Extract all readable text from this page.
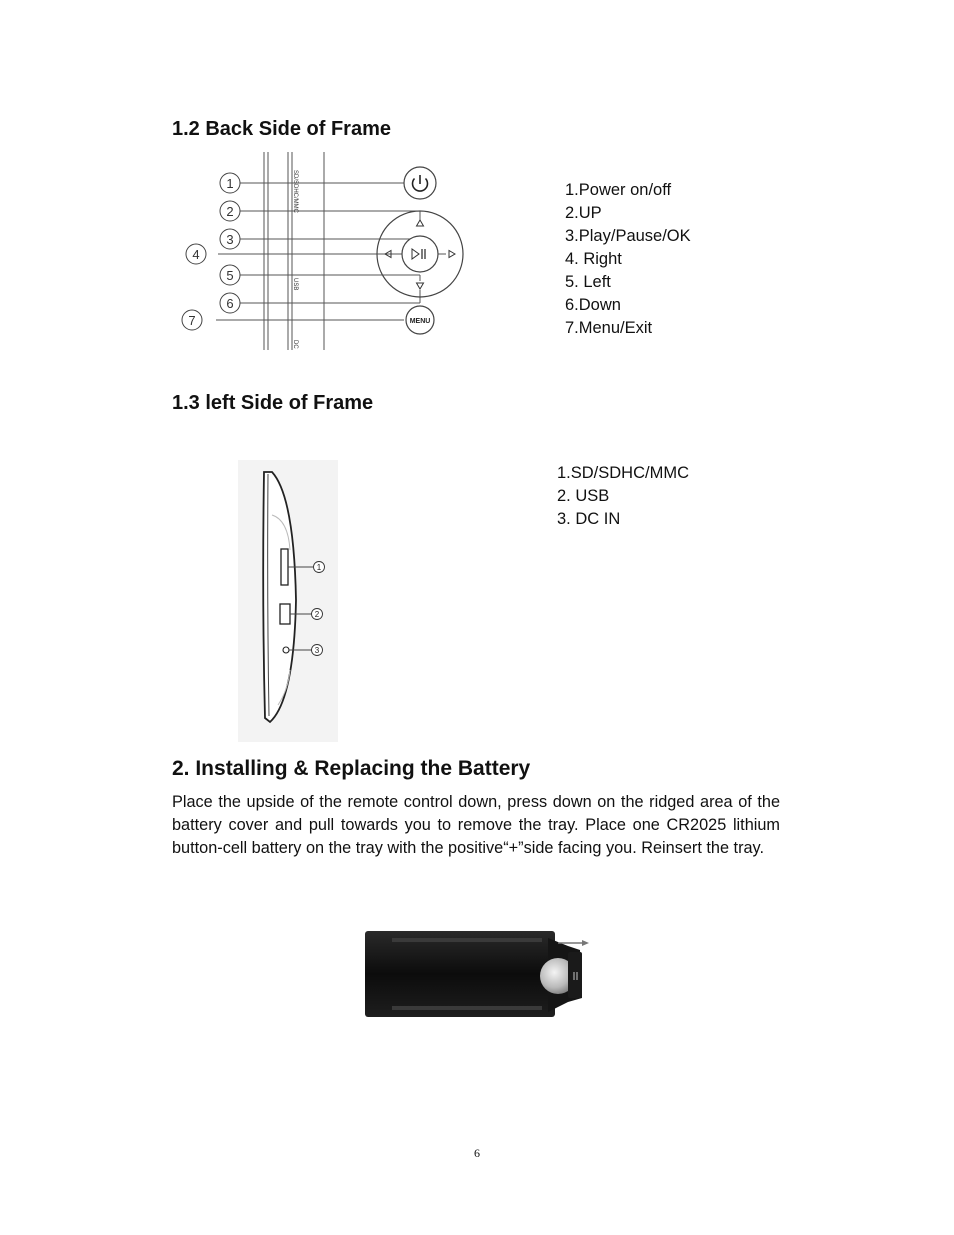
1.2 Back Side of Frame
1
2
3
4
5
6
7
SD/SDHC/MMC
USB
DC
MENU
1.Power on/off
2.UP
3.Play/Pause/OK
4. Right
5. Left
6.Down
7.Menu/Exit
1.3 left Side of Frame
1
2
3
1.SD/SDHC/MMC
2. USB
3. DC IN
2. Installing & Replacing the Battery

Place the upside of the remote control down, press down on the ridged area of the battery cover and pull towards you to remove the tray. Place one CR2025 lithium button-cell battery on the tray with the positive“+”side facing you. Reinsert the tray.

6
